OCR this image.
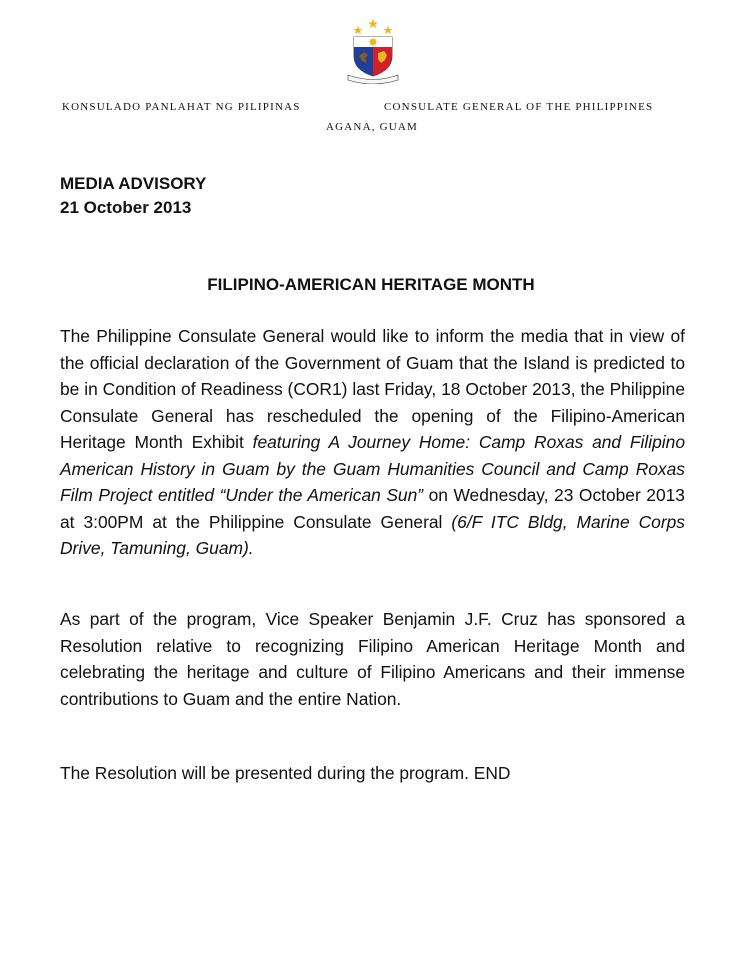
KONSULADO PANLAHAT NG PILIPINAS	CONSULATE GENERAL OF THE PHILIPPINES
AGANA, GUAM
MEDIA ADVISORY
21 October 2013
FILIPINO-AMERICAN HERITAGE MONTH
The Philippine Consulate General would like to inform the media that in view of the official declaration of the Government of Guam that the Island is predicted to be in Condition of Readiness (COR1) last Friday, 18 October 2013, the Philippine Consulate General has rescheduled the opening of the Filipino-American Heritage Month Exhibit featuring A Journey Home: Camp Roxas and Filipino American History in Guam by the Guam Humanities Council and Camp Roxas Film Project entitled “Under the American Sun” on Wednesday, 23 October 2013 at 3:00PM at the Philippine Consulate General (6/F ITC Bldg, Marine Corps Drive, Tamuning, Guam).
As part of the program, Vice Speaker Benjamin J.F. Cruz has sponsored a Resolution relative to recognizing Filipino American Heritage Month and celebrating the heritage and culture of Filipino Americans and their immense contributions to Guam and the entire Nation.
The Resolution will be presented during the program. END
